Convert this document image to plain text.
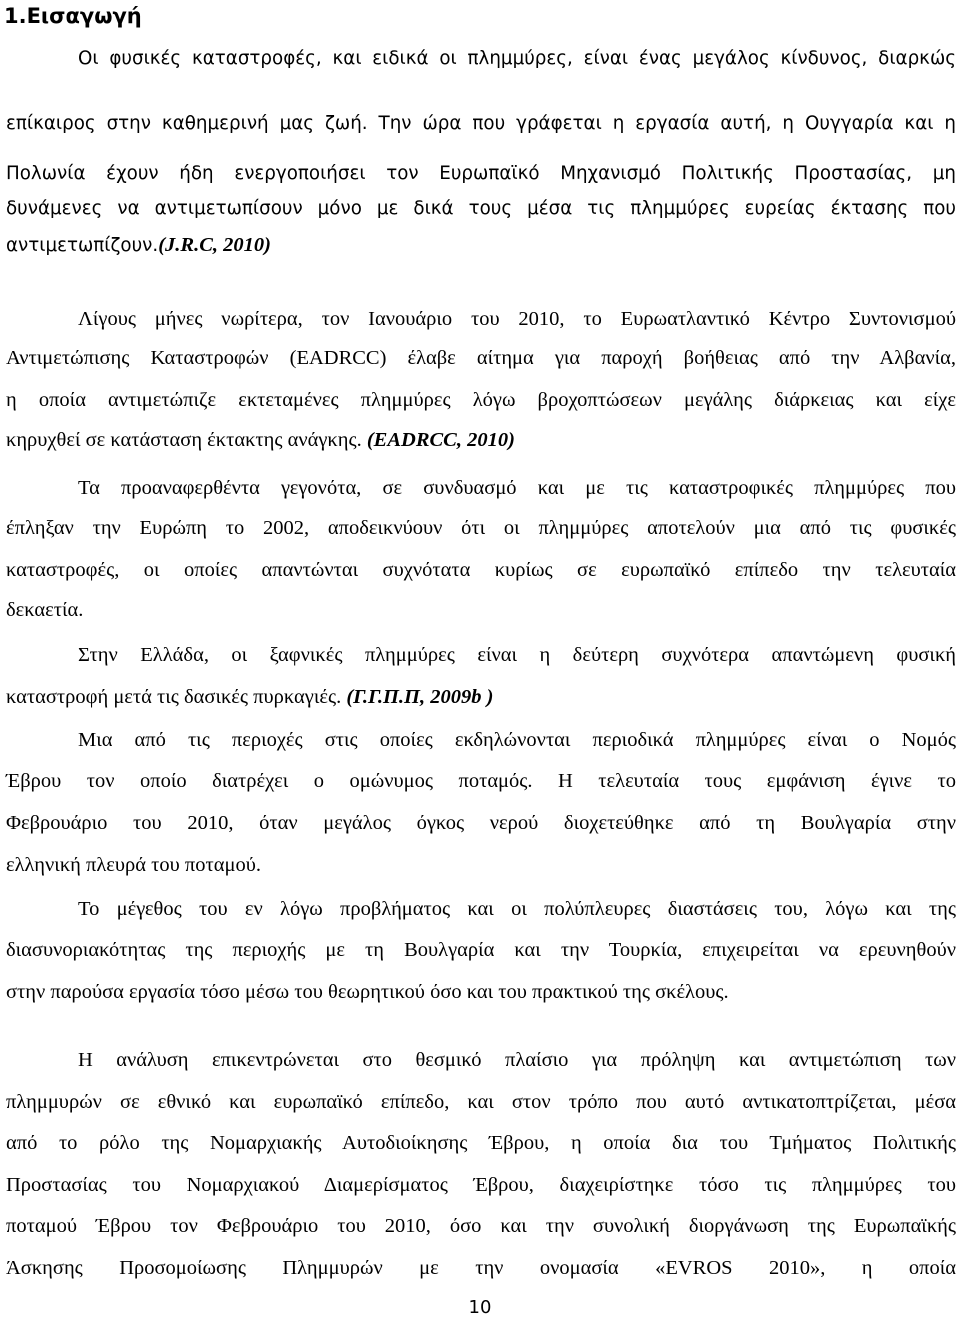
1.Εισαγωγή

Οι φυσικές καταστροφές, και ειδικά οι πλημμύρες, είναι ένας μεγάλος κίνδυνος, διαρκώς

επίκαιρος στην καθημερινή μας ζωή. Την ώρα που γράφεται η εργασία αυτή, η Ουγγαρία και η

Πολωνία έχουν ήδη ενεργοποιήσει τον Ευρωπαϊκό Μηχανισμό Πολιτικής Προστασίας, μη

δυνάμενες να αντιμετωπίσουν μόνο με δικά τους μέσα τις πλημμύρες ευρείας έκτασης που

αντιμετωπίζουν.(J.R.C, 2010)

Λίγους μήνες νωρίτερα, τον Ιανουάριο του 2010, το Ευρωατλαντικό Κέντρο Συντονισμού

Αντιμετώπισης Καταστροφών (EADRCC) έλαβε αίτημα για παροχή βοήθειας από την Αλβανία,

η οποία αντιμετώπιζε εκτεταμένες πλημμύρες λόγω βροχοπτώσεων μεγάλης διάρκειας και είχε

κηρυχθεί σε κατάσταση έκτακτης ανάγκης. (EADRCC, 2010)

Τα προαναφερθέντα γεγονότα, σε συνδυασμό και με τις καταστροφικές πλημμύρες που

έπληξαν την Ευρώπη το 2002, αποδεικνύουν ότι οι πλημμύρες αποτελούν μια από τις φυσικές

καταστροφές, οι οποίες απαντώνται συχνότατα κυρίως σε ευρωπαϊκό επίπεδο την τελευταία

δεκαετία.

Στην Ελλάδα, οι ξαφνικές πλημμύρες είναι η δεύτερη συχνότερα απαντώμενη φυσική

καταστροφή μετά τις δασικές πυρκαγιές. (Γ.Γ.Π.Π, 2009b )

Μια από τις περιοχές στις οποίες εκδηλώνονται περιοδικά πλημμύρες είναι ο Νομός

Έβρου τον οποίο διατρέχει ο ομώνυμος ποταμός. Η τελευταία τους εμφάνιση έγινε το

Φεβρουάριο του 2010, όταν μεγάλος όγκος νερού διοχετεύθηκε από τη Βουλγαρία στην

ελληνική πλευρά του ποταμού.

Το μέγεθος του εν λόγω προβλήματος και οι πολύπλευρες διαστάσεις του, λόγω και της

διασυνοριακότητας της περιοχής με τη Βουλγαρία και την Τουρκία, επιχειρείται να ερευνηθούν

στην παρούσα εργασία τόσο μέσω του θεωρητικού όσο και του πρακτικού της σκέλους.

Η ανάλυση επικεντρώνεται στο θεσμικό πλαίσιο για πρόληψη και αντιμετώπιση των

πλημμυρών σε εθνικό και ευρωπαϊκό επίπεδο, και στον τρόπο που αυτό αντικατοπτρίζεται, μέσα

από το ρόλο της Νομαρχιακής Αυτοδιοίκησης Έβρου, η οποία δια του Τμήματος Πολιτικής

Προστασίας του Νομαρχιακού Διαμερίσματος Έβρου, διαχειρίστηκε τόσο τις πλημμύρες του

ποταμού Έβρου τον Φεβρουάριο του 2010, όσο και την συνολική διοργάνωση της Ευρωπαϊκής

Άσκησης Προσομοίωσης Πλημμυρών με την ονομασία «EVROS 2010», η οποία

10
